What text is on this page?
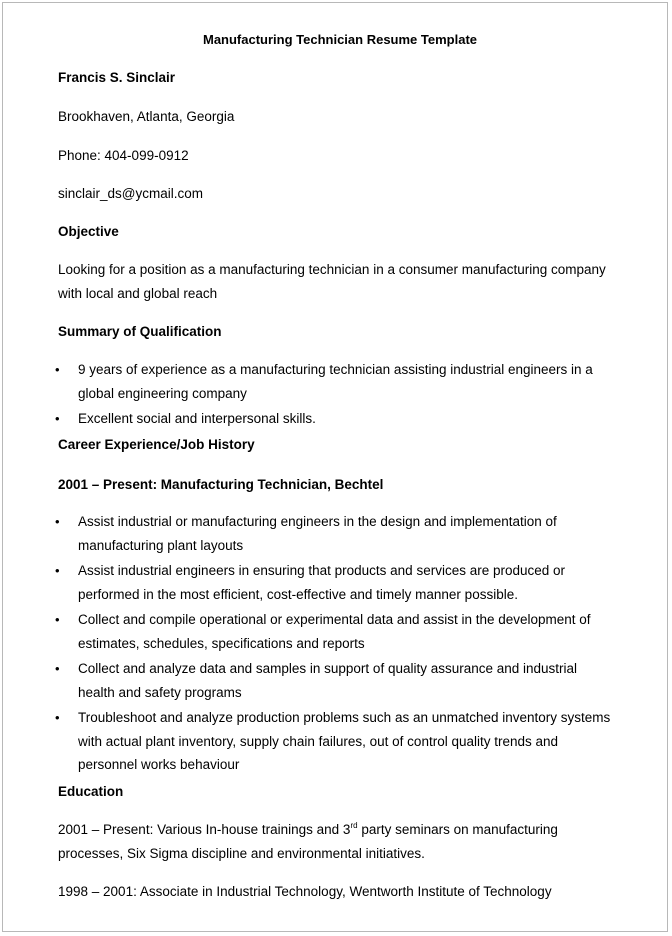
Manufacturing Technician Resume Template
Francis S. Sinclair
Brookhaven, Atlanta, Georgia
Phone: 404-099-0912
sinclair_ds@ycmail.com
Objective
Looking for a position as a manufacturing technician in a consumer manufacturing company
with local and global reach
Summary of Qualification
• 9 years of experience as a manufacturing technician assisting industrial engineers in a
global engineering company
• Excellent social and interpersonal skills.
Career Experience/Job History
2001 – Present: Manufacturing Technician, Bechtel
• Assist industrial or manufacturing engineers in the design and implementation of
manufacturing plant layouts
• Assist industrial engineers in ensuring that products and services are produced or
performed in the most efficient, cost-effective and timely manner possible.
• Collect and compile operational or experimental data and assist in the development of
estimates, schedules, specifications and reports
• Collect and analyze data and samples in support of quality assurance and industrial
health and safety programs
• Troubleshoot and analyze production problems such as an unmatched inventory systems
with actual plant inventory, supply chain failures, out of control quality trends and
personnel works behaviour
Education
2001 – Present: Various In-house trainings and 3rd party seminars on manufacturing
processes, Six Sigma discipline and environmental initiatives.
1998 – 2001: Associate in Industrial Technology, Wentworth Institute of Technology
